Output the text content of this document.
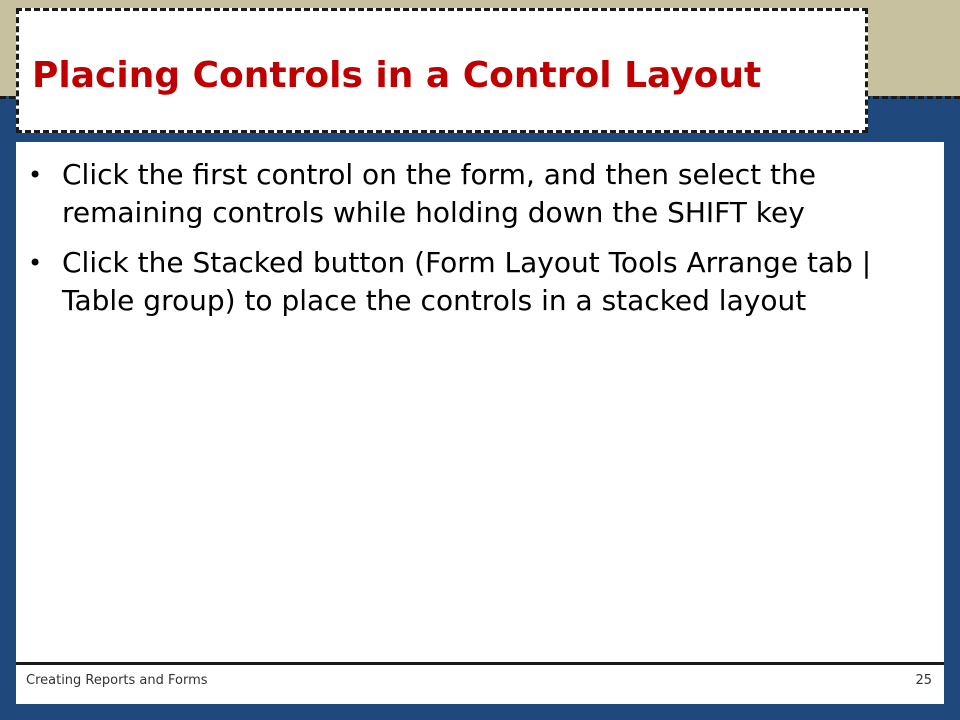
Placing Controls in a Control Layout
• Click the first control on the form, and then select the remaining controls while holding down the SHIFT key
• Click the Stacked button (Form Layout Tools Arrange tab | Table group) to place the controls in a stacked layout
Creating Reports and Forms	25
